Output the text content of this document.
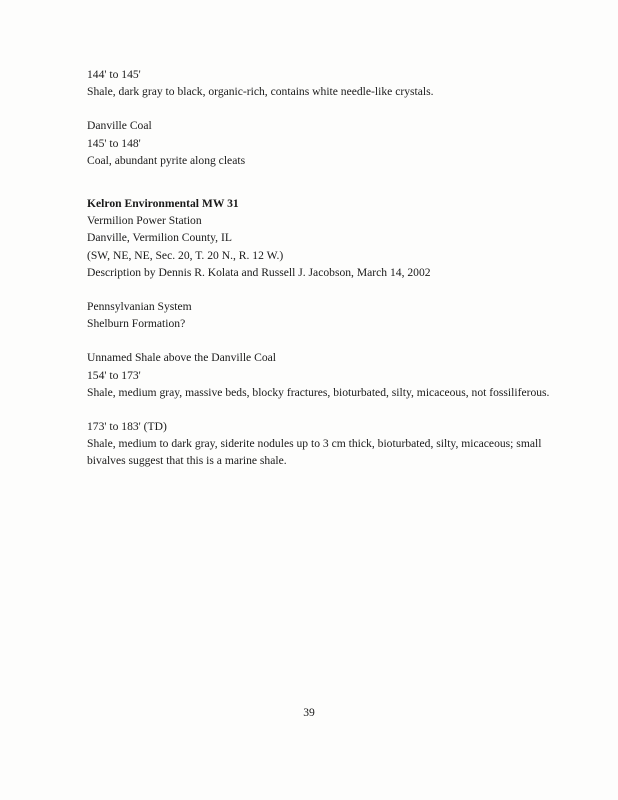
144' to 145'
Shale, dark gray to black, organic-rich, contains white needle-like crystals.
Danville Coal
145' to 148'
Coal, abundant pyrite along cleats
Kelron Environmental MW 31
Vermilion Power Station
Danville, Vermilion County, IL
(SW, NE, NE, Sec. 20, T. 20 N., R. 12 W.)
Description by Dennis R. Kolata and Russell J. Jacobson, March 14, 2002
Pennsylvanian System
Shelburn Formation?
Unnamed Shale above the Danville Coal
154' to 173'
Shale, medium gray, massive beds, blocky fractures, bioturbated, silty, micaceous, not fossiliferous.
173' to 183' (TD)
Shale, medium to dark gray, siderite nodules up to 3 cm thick, bioturbated, silty, micaceous; small
bivalves suggest that this is a marine shale.
39
